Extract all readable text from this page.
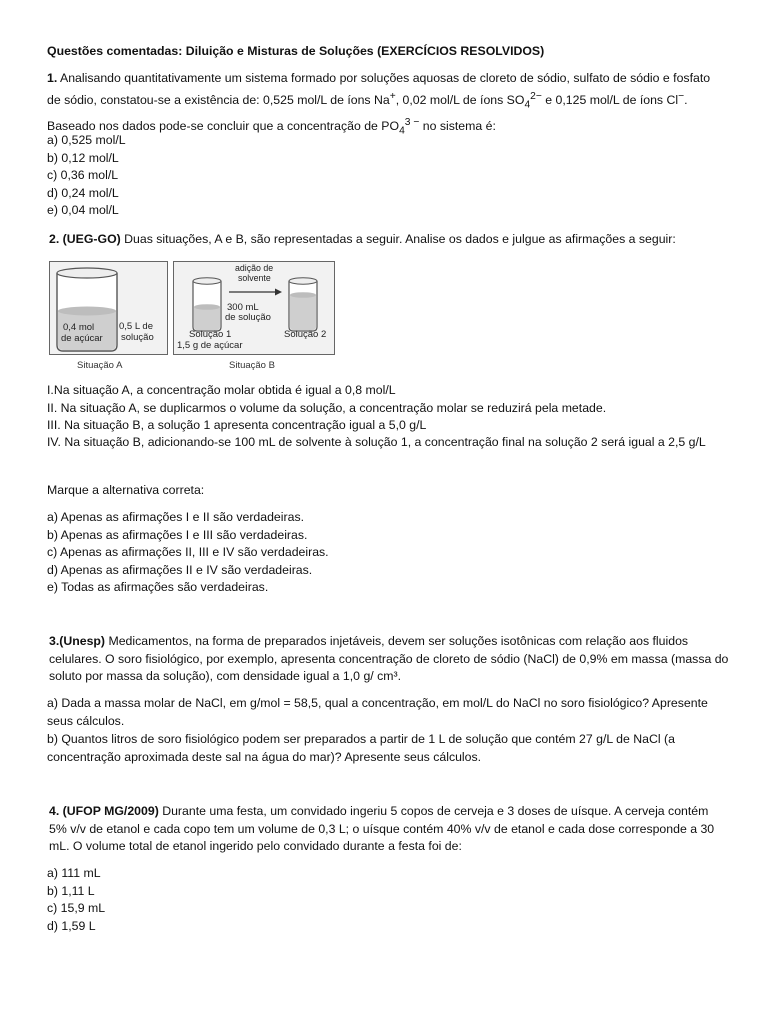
Questões comentadas: Diluição e Misturas de Soluções (EXERCÍCIOS RESOLVIDOS)

1. Analisando quantitativamente um sistema formado por soluções aquosas de cloreto de sódio, sulfato de sódio e fosfato de sódio, constatou-se a existência de: 0,525 mol/L de íons Na+, 0,02 mol/L de íons $SO_4^{2-}$ e 0,125 mol/L de íons Cl−. Baseado nos dados pode-se concluir que a concentração de $PO_4^{3 -}$ no sistema é:

a) 0,525 mol/L
b) 0,12 mol/L
c) 0,36 mol/L
d) 0,24 mol/L
e) 0,04 mol/L

2. (UEG-GO) Duas situações, A e B, são representadas a seguir. Analise os dados e julgue as afirmações a seguir:

0,4 mol
de açúcar
0,5 L de
solução
Situação A
adição de
solvente
300 mL
de solução
Solução 1
1,5 g de açúcar
Solução 2
Situação B
I.Na situação A, a concentração molar obtida é igual a 0,8 mol/L
II. Na situação A, se duplicarmos o volume da solução, a concentração molar se reduzirá pela metade.
III. Na situação B, a solução 1 apresenta concentração igual a 5,0 g/L

IV. Na situação B, adicionando-se 100 mL de solvente à solução 1, a concentração final na solução 2 será igual a 2,5 g/L

Marque a alternativa correta:

a) Apenas as afirmações I e II são verdadeiras.
b) Apenas as afirmações I e III são verdadeiras.
c) Apenas as afirmações II, III e IV são verdadeiras.
d) Apenas as afirmações II e IV são verdadeiras.
e) Todas as afirmações são verdadeiras.

3.(Unesp) Medicamentos, na forma de preparados injetáveis, devem ser soluções isotônicas com relação aos fluidos celulares. O soro fisiológico, por exemplo, apresenta concentração de cloreto de sódio (NaCl) de 0,9% em massa (massa do soluto por massa da solução), com densidade igual a 1,0 g/ cm³.

a) Dada a massa molar de NaCl, em g/mol = 58,5, qual a concentração, em mol/L do NaCl no soro fisiológico? Apresente seus cálculos.

b) Quantos litros de soro fisiológico podem ser preparados a partir de 1 L de solução que contém 27 g/L de NaCl (a concentração aproximada deste sal na água do mar)? Apresente seus cálculos.

4. (UFOP MG/2009) Durante uma festa, um convidado ingeriu 5 copos de cerveja e 3 doses de uísque. A cerveja contém 5% v/v de etanol e cada copo tem um volume de 0,3 L; o uísque contém 40% v/v de etanol e cada dose corresponde a 30 mL. O volume total de etanol ingerido pelo convidado durante a festa foi de:

a) 111 mL
b) 1,11 L
c) 15,9 mL
d) 1,59 L
